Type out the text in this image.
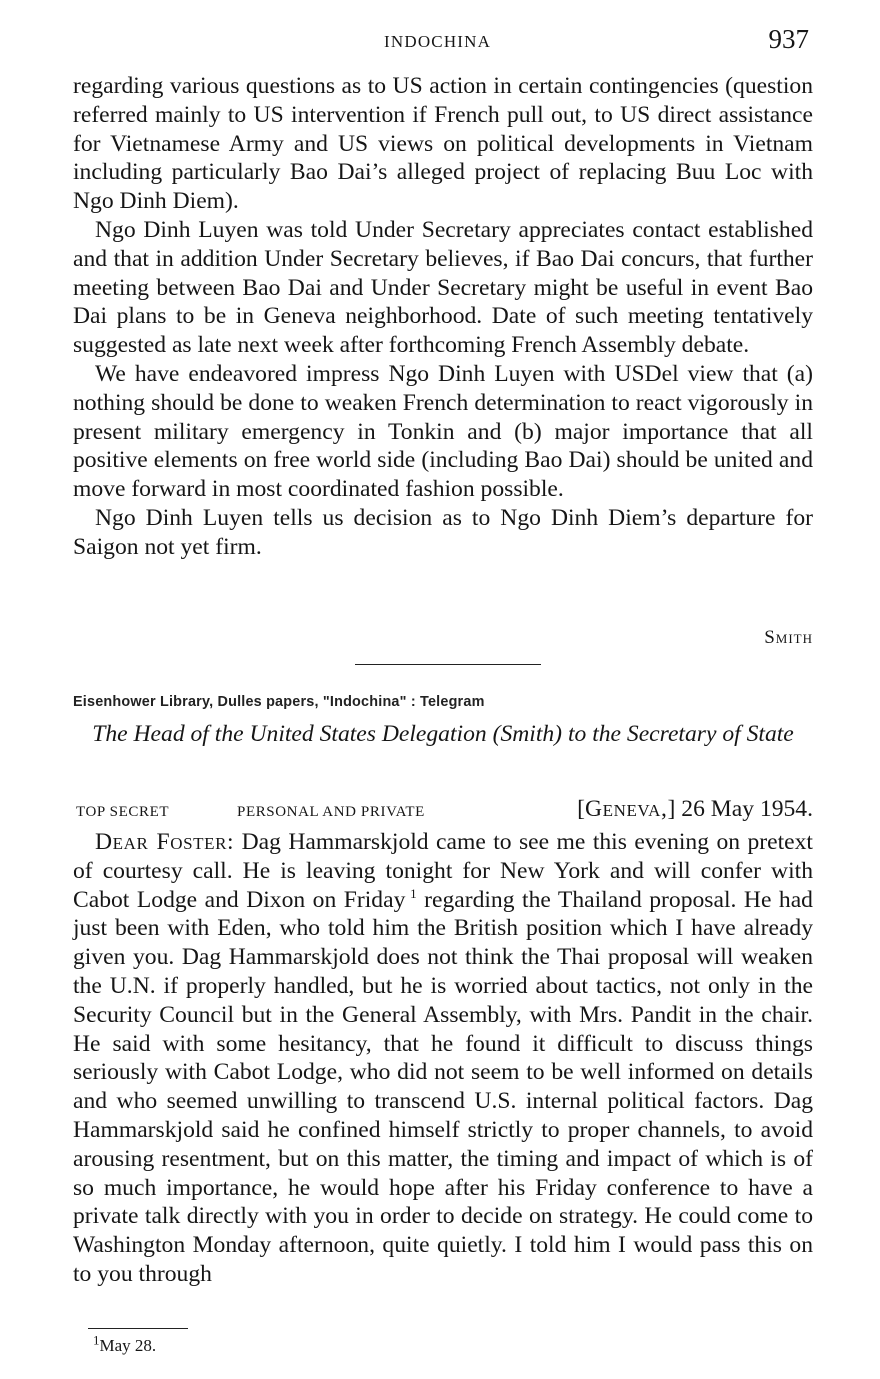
INDOCHINA	937

regarding various questions as to US action in certain contingencies (question referred mainly to US intervention if French pull out, to US direct assistance for Vietnamese Army and US views on political developments in Vietnam including particularly Bao Dai’s alleged project of replacing Buu Loc with Ngo Dinh Diem).

Ngo Dinh Luyen was told Under Secretary appreciates contact established and that in addition Under Secretary believes, if Bao Dai concurs, that further meeting between Bao Dai and Under Secretary might be useful in event Bao Dai plans to be in Geneva neighborhood. Date of such meeting tentatively suggested as late next week after forthcoming French Assembly debate.

We have endeavored impress Ngo Dinh Luyen with USDel view that (a) nothing should be done to weaken French determination to react vigorously in present military emergency in Tonkin and (b) major importance that all positive elements on free world side (including Bao Dai) should be united and move forward in most coordinated fashion possible.

Ngo Dinh Luyen tells us decision as to Ngo Dinh Diem’s departure for Saigon not yet firm.

Smith
Eisenhower Library, Dulles papers, "Indochina" : Telegram
The Head of the United States Delegation (Smith) to the Secretary of State
TOP SECRET	PERSONAL AND PRIVATE	[Geneva,] 26 May 1954.

Dear Foster: Dag Hammarskjold came to see me this evening on pretext of courtesy call. He is leaving tonight for New York and will confer with Cabot Lodge and Dixon on Friday  $^1$ regarding the Thailand proposal. He had just been with Eden, who told him the British position which I have already given you. Dag Hammarskjold does not think the Thai proposal will weaken the U.N. if properly handled, but he is worried about tactics, not only in the Security Council but in the General Assembly, with Mrs. Pandit in the chair. He said with some hesitancy, that he found it difficult to discuss things seriously with Cabot Lodge, who did not seem to be well informed on details and who seemed unwilling to transcend U.S. internal political factors. Dag Hammarskjold said he confined himself strictly to proper channels, to avoid arousing resentment, but on this matter, the timing and impact of which is of so much importance, he would hope after his Friday conference to have a private talk directly with you in order to decide on strategy. He could come to Washington Monday afternoon, quite quietly. I told him I would pass this on to you through

$^1$May 28.
